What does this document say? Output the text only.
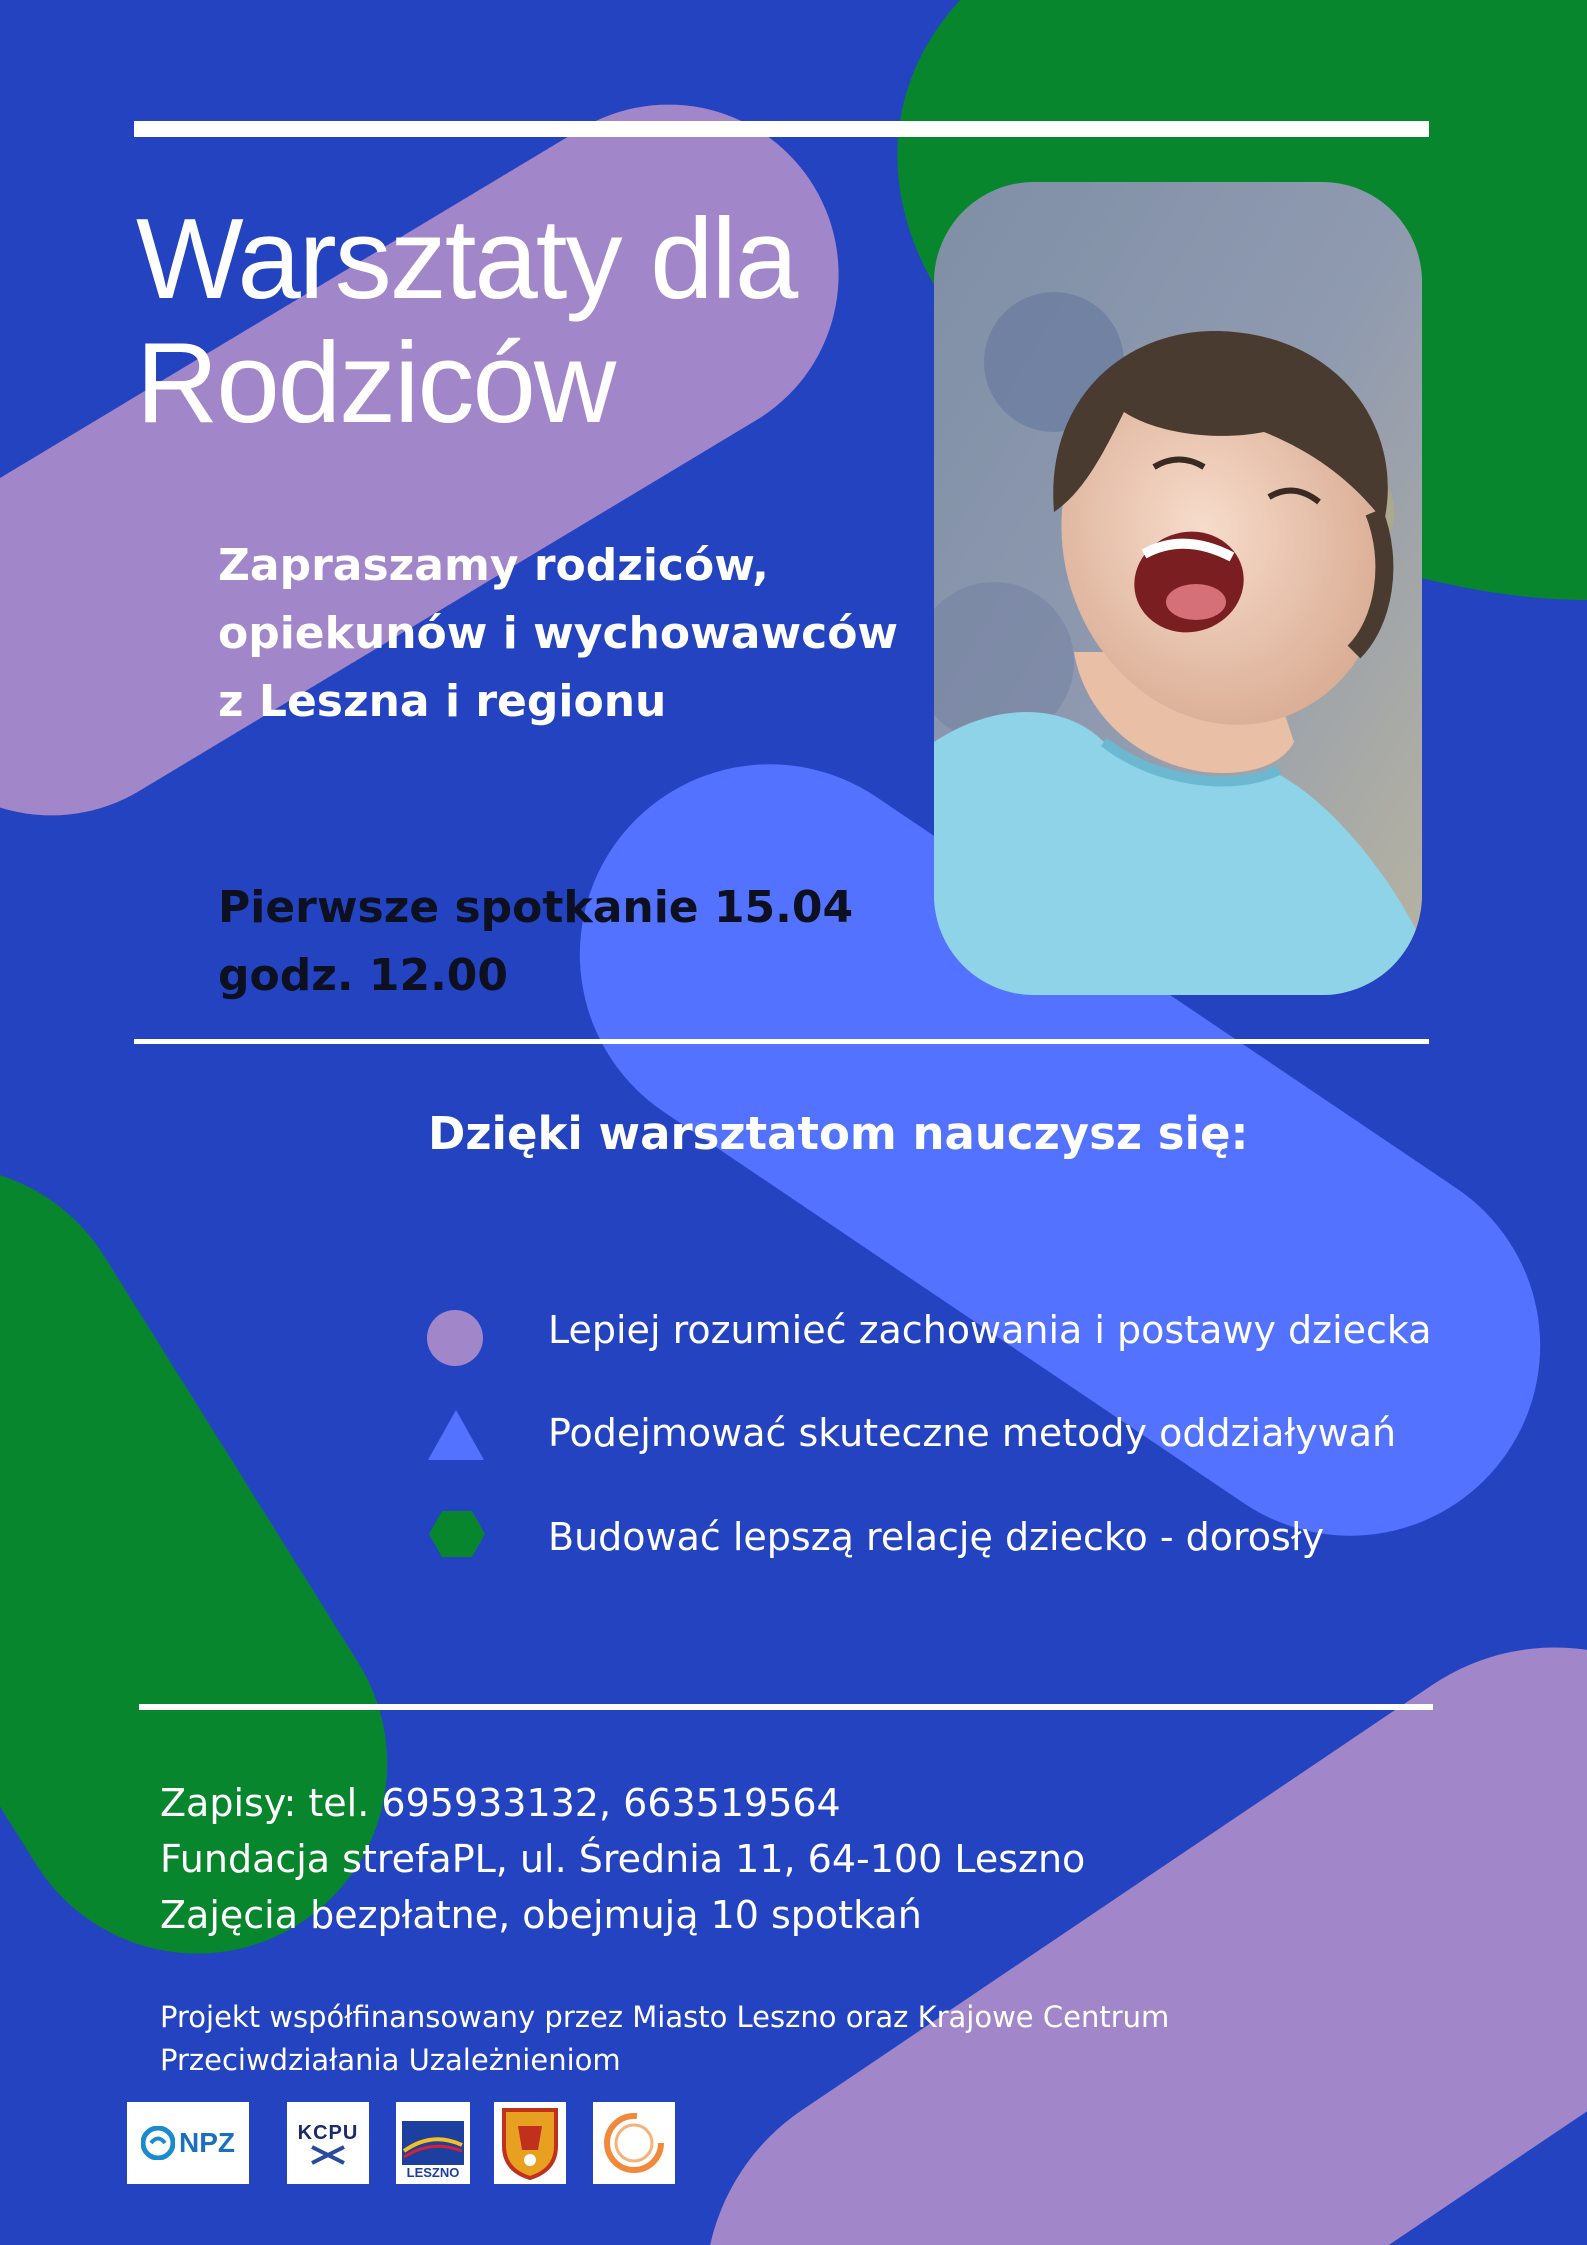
Warsztaty dla
Rodziców
Zapraszamy rodziców,
opiekunów i wychowawców
z Leszna i regionu
Pierwsze spotkanie 15.04
godz. 12.00
Dzięki warsztatom nauczysz się:
Lepiej rozumieć zachowania i postawy dziecka
Podejmować skuteczne metody oddziaływań
Budować lepszą relację dziecko - dorosły
Zapisy: tel. 695933132, 663519564
Fundacja strefaPL, ul. Średnia 11, 64-100 Leszno
Zajęcia bezpłatne, obejmują 10 spotkań
Projekt współfinansowany przez Miasto Leszno oraz Krajowe Centrum
Przeciwdziałania Uzależnieniom
NPZ	KCPU
LESZNO
